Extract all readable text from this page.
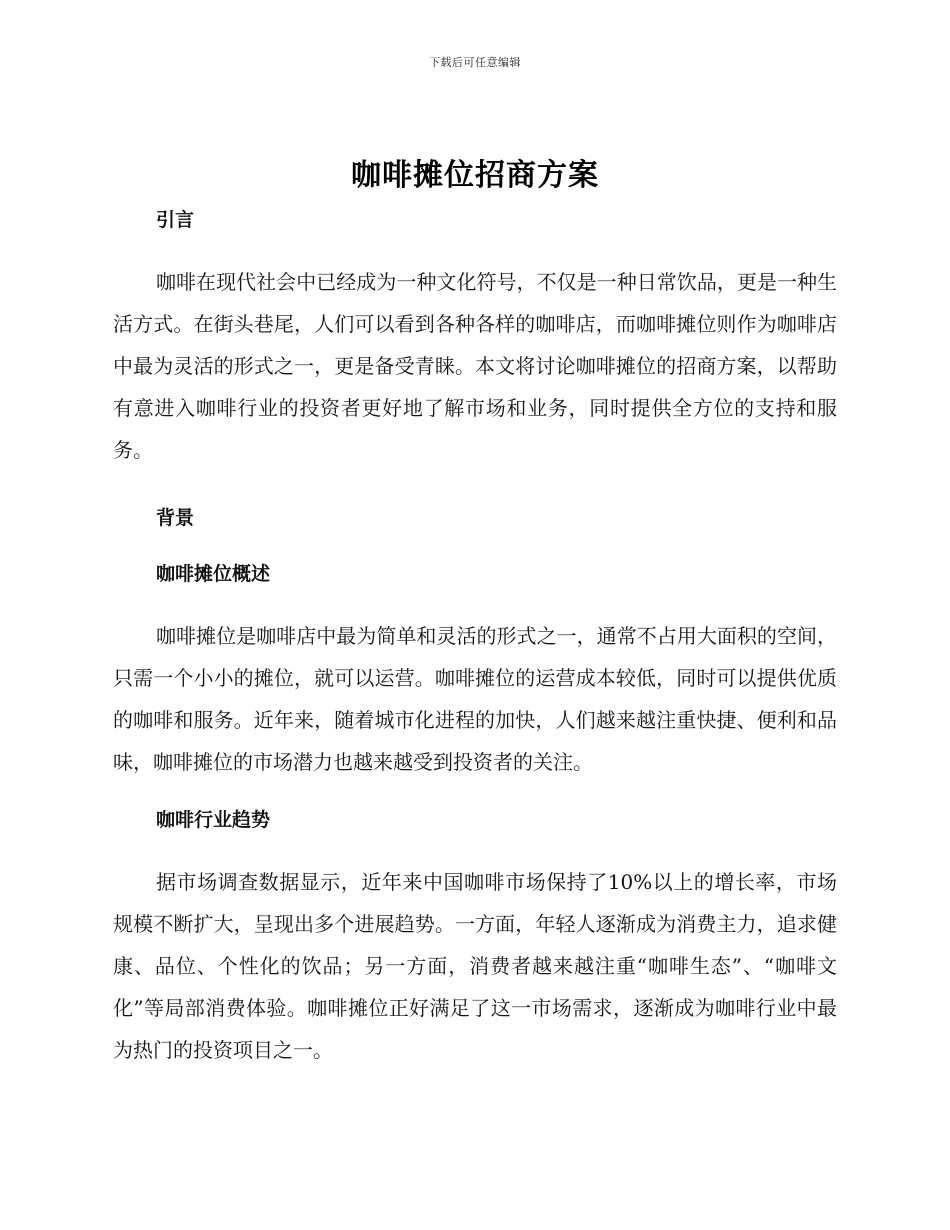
下载后可任意编辑
咖啡摊位招商方案
引言

咖啡在现代社会中已经成为一种文化符号，不仅是一种日常饮品，更是一种生活方式。在街头巷尾，人们可以看到各种各样的咖啡店，而咖啡摊位则作为咖啡店中最为灵活的形式之一，更是备受青睐。本文将讨论咖啡摊位的招商方案，以帮助有意进入咖啡行业的投资者更好地了解市场和业务，同时提供全方位的支持和服务。

背景
咖啡摊位概述

咖啡摊位是咖啡店中最为简单和灵活的形式之一，通常不占用大面积的空间，只需一个小小的摊位，就可以运营。咖啡摊位的运营成本较低，同时可以提供优质的咖啡和服务。近年来，随着城市化进程的加快，人们越来越注重快捷、便利和品味，咖啡摊位的市场潜力也越来越受到投资者的关注。

咖啡行业趋势

据市场调查数据显示，近年来中国咖啡市场保持了10%以上的增长率，市场规模不断扩大，呈现出多个进展趋势。一方面，年轻人逐渐成为消费主力，追求健康、品位、个性化的饮品；另一方面，消费者越来越注重“咖啡生态”、“咖啡文化”等局部消费体验。咖啡摊位正好满足了这一市场需求，逐渐成为咖啡行业中最为热门的投资项目之一。
